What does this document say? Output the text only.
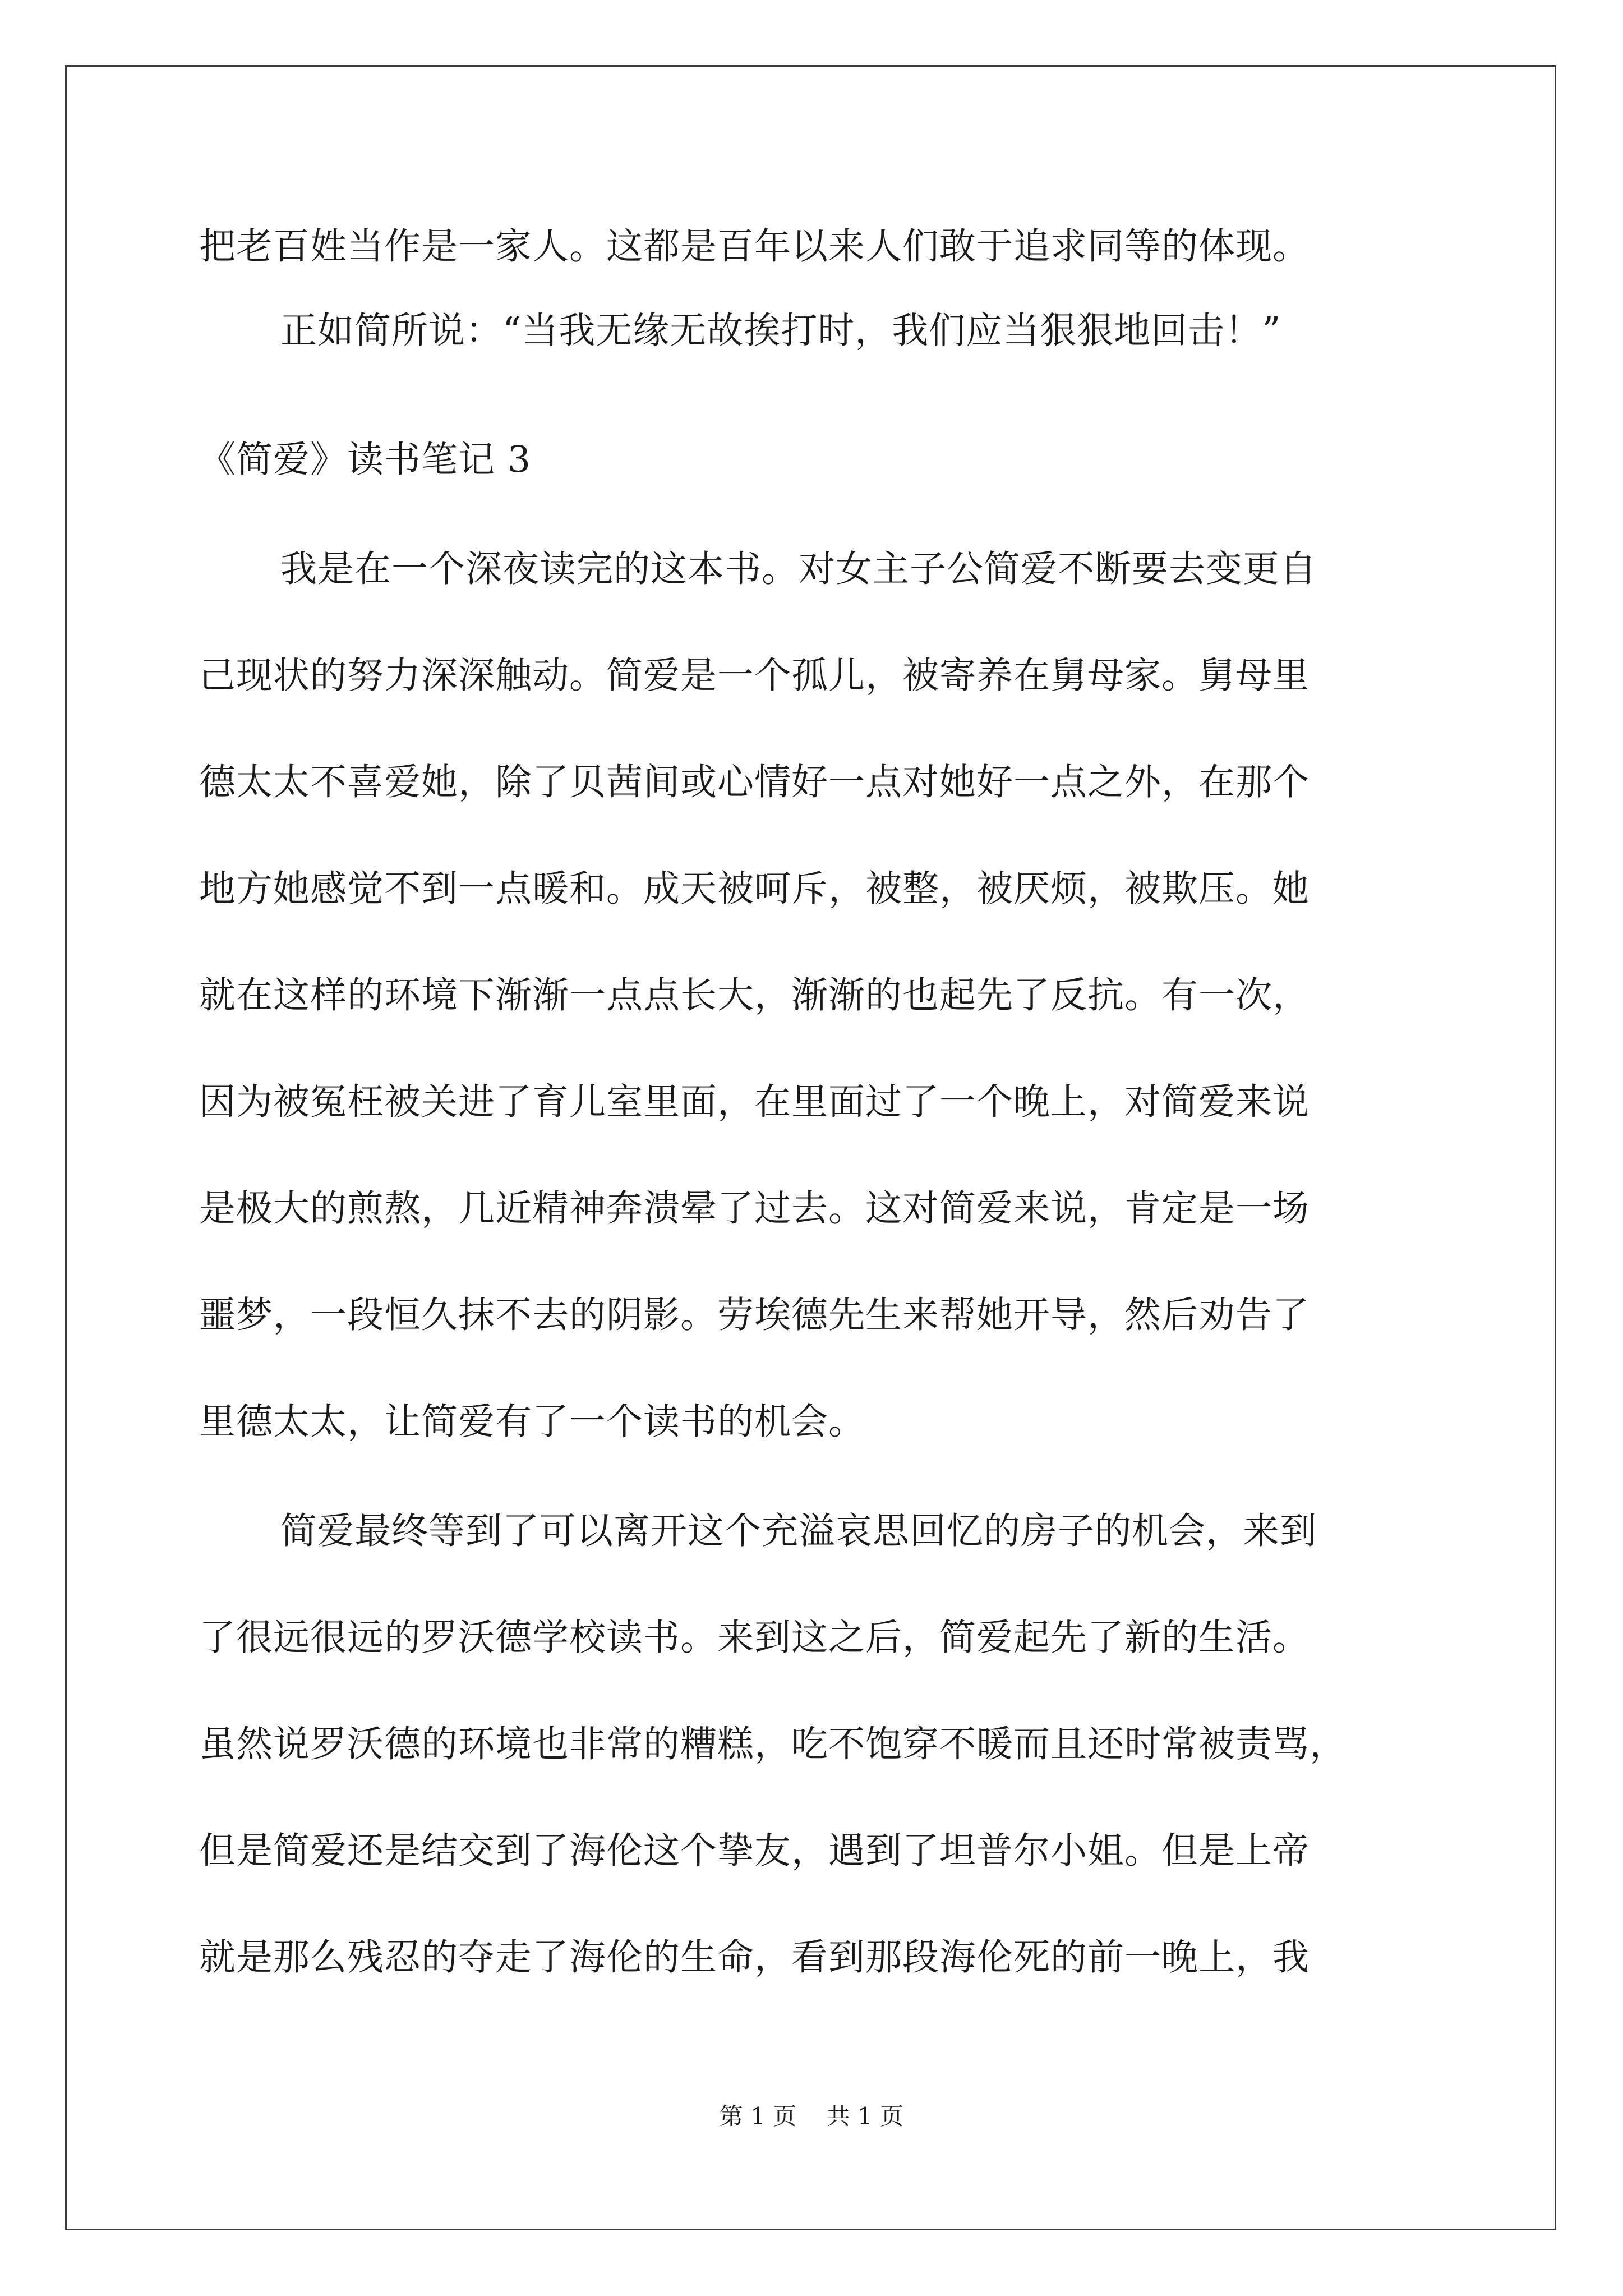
把老百姓当作是一家人。这都是百年以来人们敢于追求同等的体现。
正如简所说：“当我无缘无故挨打时，我们应当狠狠地回击！”
《简爱》读书笔记 3
我是在一个深夜读完的这本书。对女主子公简爱不断要去变更自
己现状的努力深深触动。简爱是一个孤儿，被寄养在舅母家。舅母里
德太太不喜爱她，除了贝茜间或心情好一点对她好一点之外，在那个
地方她感觉不到一点暖和。成天被呵斥，被整，被厌烦，被欺压。她
就在这样的环境下渐渐一点点长大，渐渐的也起先了反抗。有一次，
因为被冤枉被关进了育儿室里面，在里面过了一个晚上，对简爱来说
是极大的煎熬，几近精神奔溃晕了过去。这对简爱来说，肯定是一场
噩梦，一段恒久抹不去的阴影。劳埃德先生来帮她开导，然后劝告了
里德太太，让简爱有了一个读书的机会。
简爱最终等到了可以离开这个充溢哀思回忆的房子的机会，来到
了很远很远的罗沃德学校读书。来到这之后，简爱起先了新的生活。
虽然说罗沃德的环境也非常的糟糕，吃不饱穿不暖而且还时常被责骂，
但是简爱还是结交到了海伦这个挚友，遇到了坦普尔小姐。但是上帝
就是那么残忍的夺走了海伦的生命，看到那段海伦死的前一晚上，我
第 1 页    共 1 页
